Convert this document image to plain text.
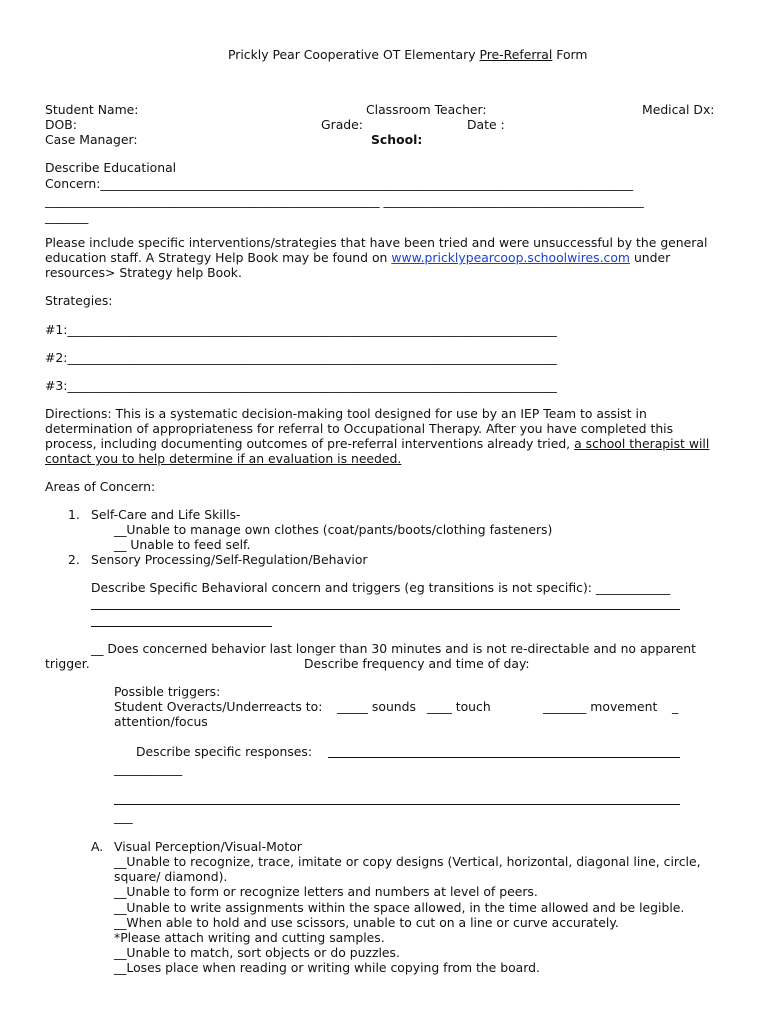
Prickly Pear Cooperative OT Elementary Pre-Referral Form
Student Name:	Classroom Teacher:	Medical Dx:
DOB:	Grade:	Date :
Case Manager:	School:
Describe Educational
Concern:______________________________________________________________________________________
______________________________________________________ __________________________________________
_______
Please include specific interventions/strategies that have been tried and were unsuccessful by the general
education staff. A Strategy Help Book may be found on www.pricklypearcoop.schoolwires.com under
resources> Strategy help Book.
Strategies:
#1:_______________________________________________________________________________
#2:_______________________________________________________________________________
#3:_______________________________________________________________________________
Directions: This is a systematic decision-making tool designed for use by an IEP Team to assist in
determination of appropriateness for referral to Occupational Therapy. After you have completed this
process, including documenting outcomes of pre-referral interventions already tried, a school therapist will
contact you to help determine if an evaluation is needed.
Areas of Concern:
1. Self-Care and Life Skills-
__Unable to manage own clothes (coat/pants/boots/clothing fasteners)
__ Unable to feed self.
2. Sensory Processing/Self-Regulation/Behavior
Describe Specific Behavioral concern and triggers (eg transitions is not specific): ____________
__ Does concerned behavior last longer than 30 minutes and is not re-directable and no apparent
trigger.	Describe frequency and time of day:
Possible triggers:
Student Overacts/Underreacts to: _____ sounds ____ touch	_______ movement _
attention/focus
Describe specific responses:
___________
___
A. Visual Perception/Visual-Motor
__Unable to recognize, trace, imitate or copy designs (Vertical, horizontal, diagonal line, circle,
square/ diamond).
__Unable to form or recognize letters and numbers at level of peers.
__Unable to write assignments within the space allowed, in the time allowed and be legible.
__When able to hold and use scissors, unable to cut on a line or curve accurately.
*Please attach writing and cutting samples.
__Unable to match, sort objects or do puzzles.
__Loses place when reading or writing while copying from the board.
